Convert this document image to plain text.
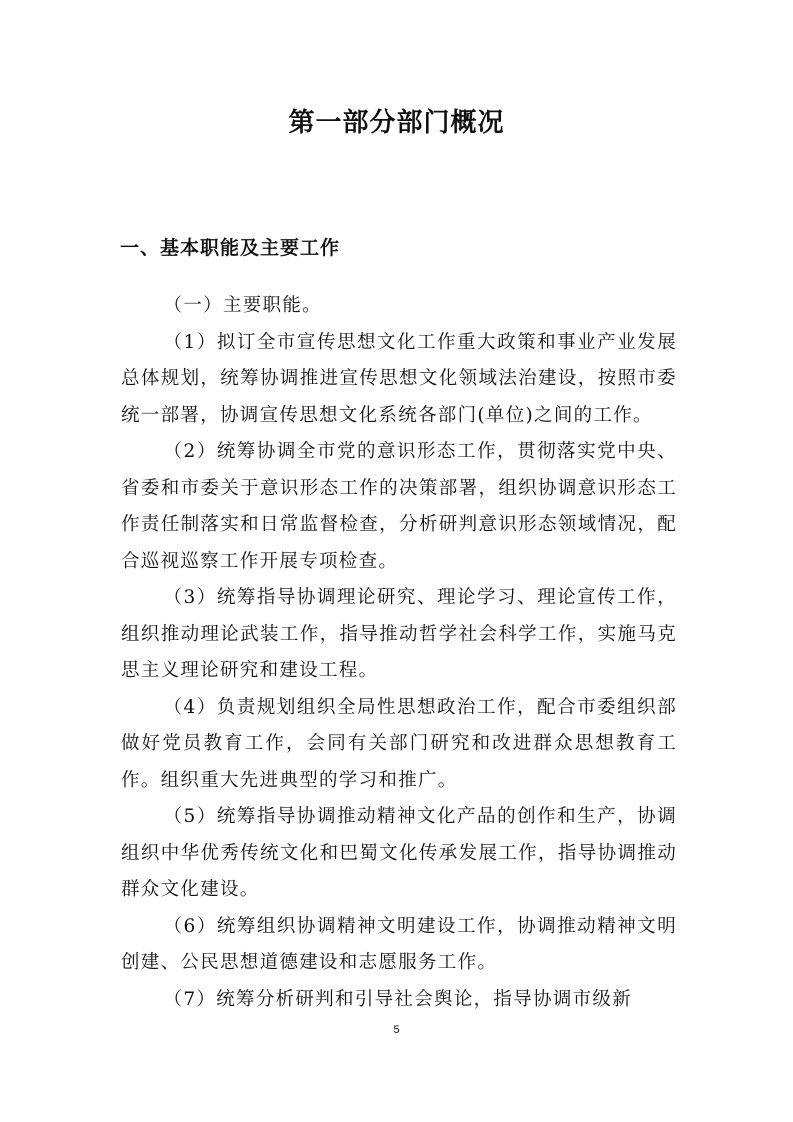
第一部分部门概况
一、基本职能及主要工作

（一）主要职能。

（1）拟订全市宣传思想文化工作重大政策和事业产业发展总体规划，统筹协调推进宣传思想文化领域法治建设，按照市委统一部署，协调宣传思想文化系统各部门(单位)之间的工作。

（2）统筹协调全市党的意识形态工作，贯彻落实党中央、省委和市委关于意识形态工作的决策部署，组织协调意识形态工作责任制落实和日常监督检查，分析研判意识形态领域情况，配合巡视巡察工作开展专项检查。

（3）统筹指导协调理论研究、理论学习、理论宣传工作，组织推动理论武装工作，指导推动哲学社会科学工作，实施马克思主义理论研究和建设工程。

（4）负责规划组织全局性思想政治工作，配合市委组织部做好党员教育工作，会同有关部门研究和改进群众思想教育工作。组织重大先进典型的学习和推广。

（5）统筹指导协调推动精神文化产品的创作和生产，协调组织中华优秀传统文化和巴蜀文化传承发展工作，指导协调推动群众文化建设。

（6）统筹组织协调精神文明建设工作，协调推动精神文明创建、公民思想道德建设和志愿服务工作。

（7）统筹分析研判和引导社会舆论，指导协调市级新

5
